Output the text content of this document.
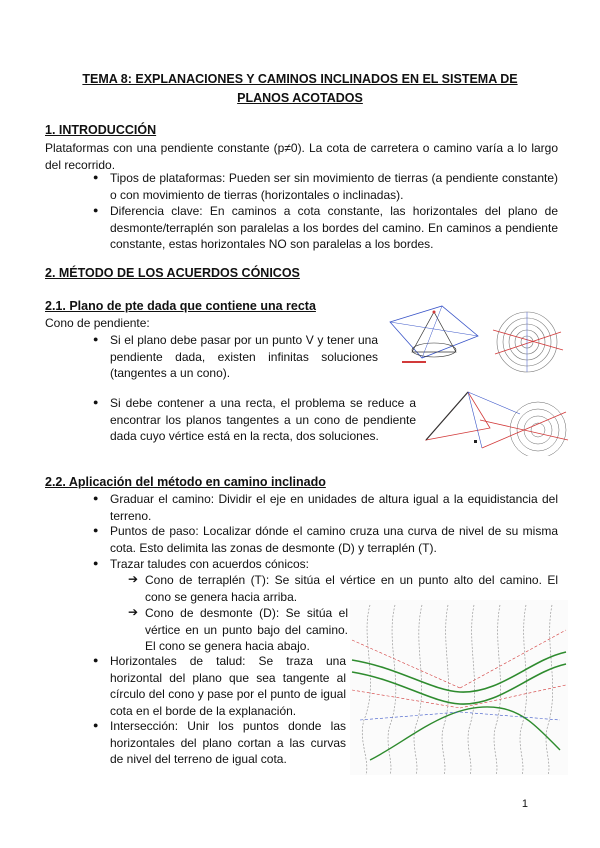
TEMA 8: EXPLANACIONES Y CAMINOS INCLINADOS EN EL SISTEMA DE
PLANOS ACOTADOS
1. INTRODUCCIÓN
Plataformas con una pendiente constante (p≠0). La cota de carretera o camino varía a lo largo del recorrido.
● Tipos de plataformas: Pueden ser sin movimiento de tierras (a pendiente constante) o con movimiento de tierras (horizontales o inclinadas).
● Diferencia clave: En caminos a cota constante, las horizontales del plano de desmonte/terraplén son paralelas a los bordes del camino. En caminos a pendiente constante, estas horizontales NO son paralelas a los bordes.
2. MÉTODO DE LOS ACUERDOS CÓNICOS
2.1. Plano de pte dada que contiene una recta
Cono de pendiente:
● Si el plano debe pasar por un punto V y tener una pendiente dada, existen infinitas soluciones (tangentes a un cono).
● Si debe contener a una recta, el problema se reduce a encontrar los planos tangentes a un cono de pendiente dada cuyo vértice está en la recta, dos soluciones.
2.2. Aplicación del método en camino inclinado
● Graduar el camino: Dividir el eje en unidades de altura igual a la equidistancia del terreno.
● Puntos de paso: Localizar dónde el camino cruza una curva de nivel de su misma cota. Esto delimita las zonas de desmonte (D) y terraplén (T).
● Trazar taludes con acuerdos cónicos:
➔ Cono de terraplén (T): Se sitúa el vértice en un punto alto del camino. El cono se genera hacia arriba.
➔ Cono de desmonte (D): Se sitúa el vértice en un punto bajo del camino. El cono se genera hacia abajo.
● Horizontales de talud: Se traza una horizontal del plano que sea tangente al círculo del cono y pase por el punto de igual cota en el borde de la explanación.
● Intersección: Unir los puntos donde las horizontales del plano cortan a las curvas de nivel del terreno de igual cota.
1
